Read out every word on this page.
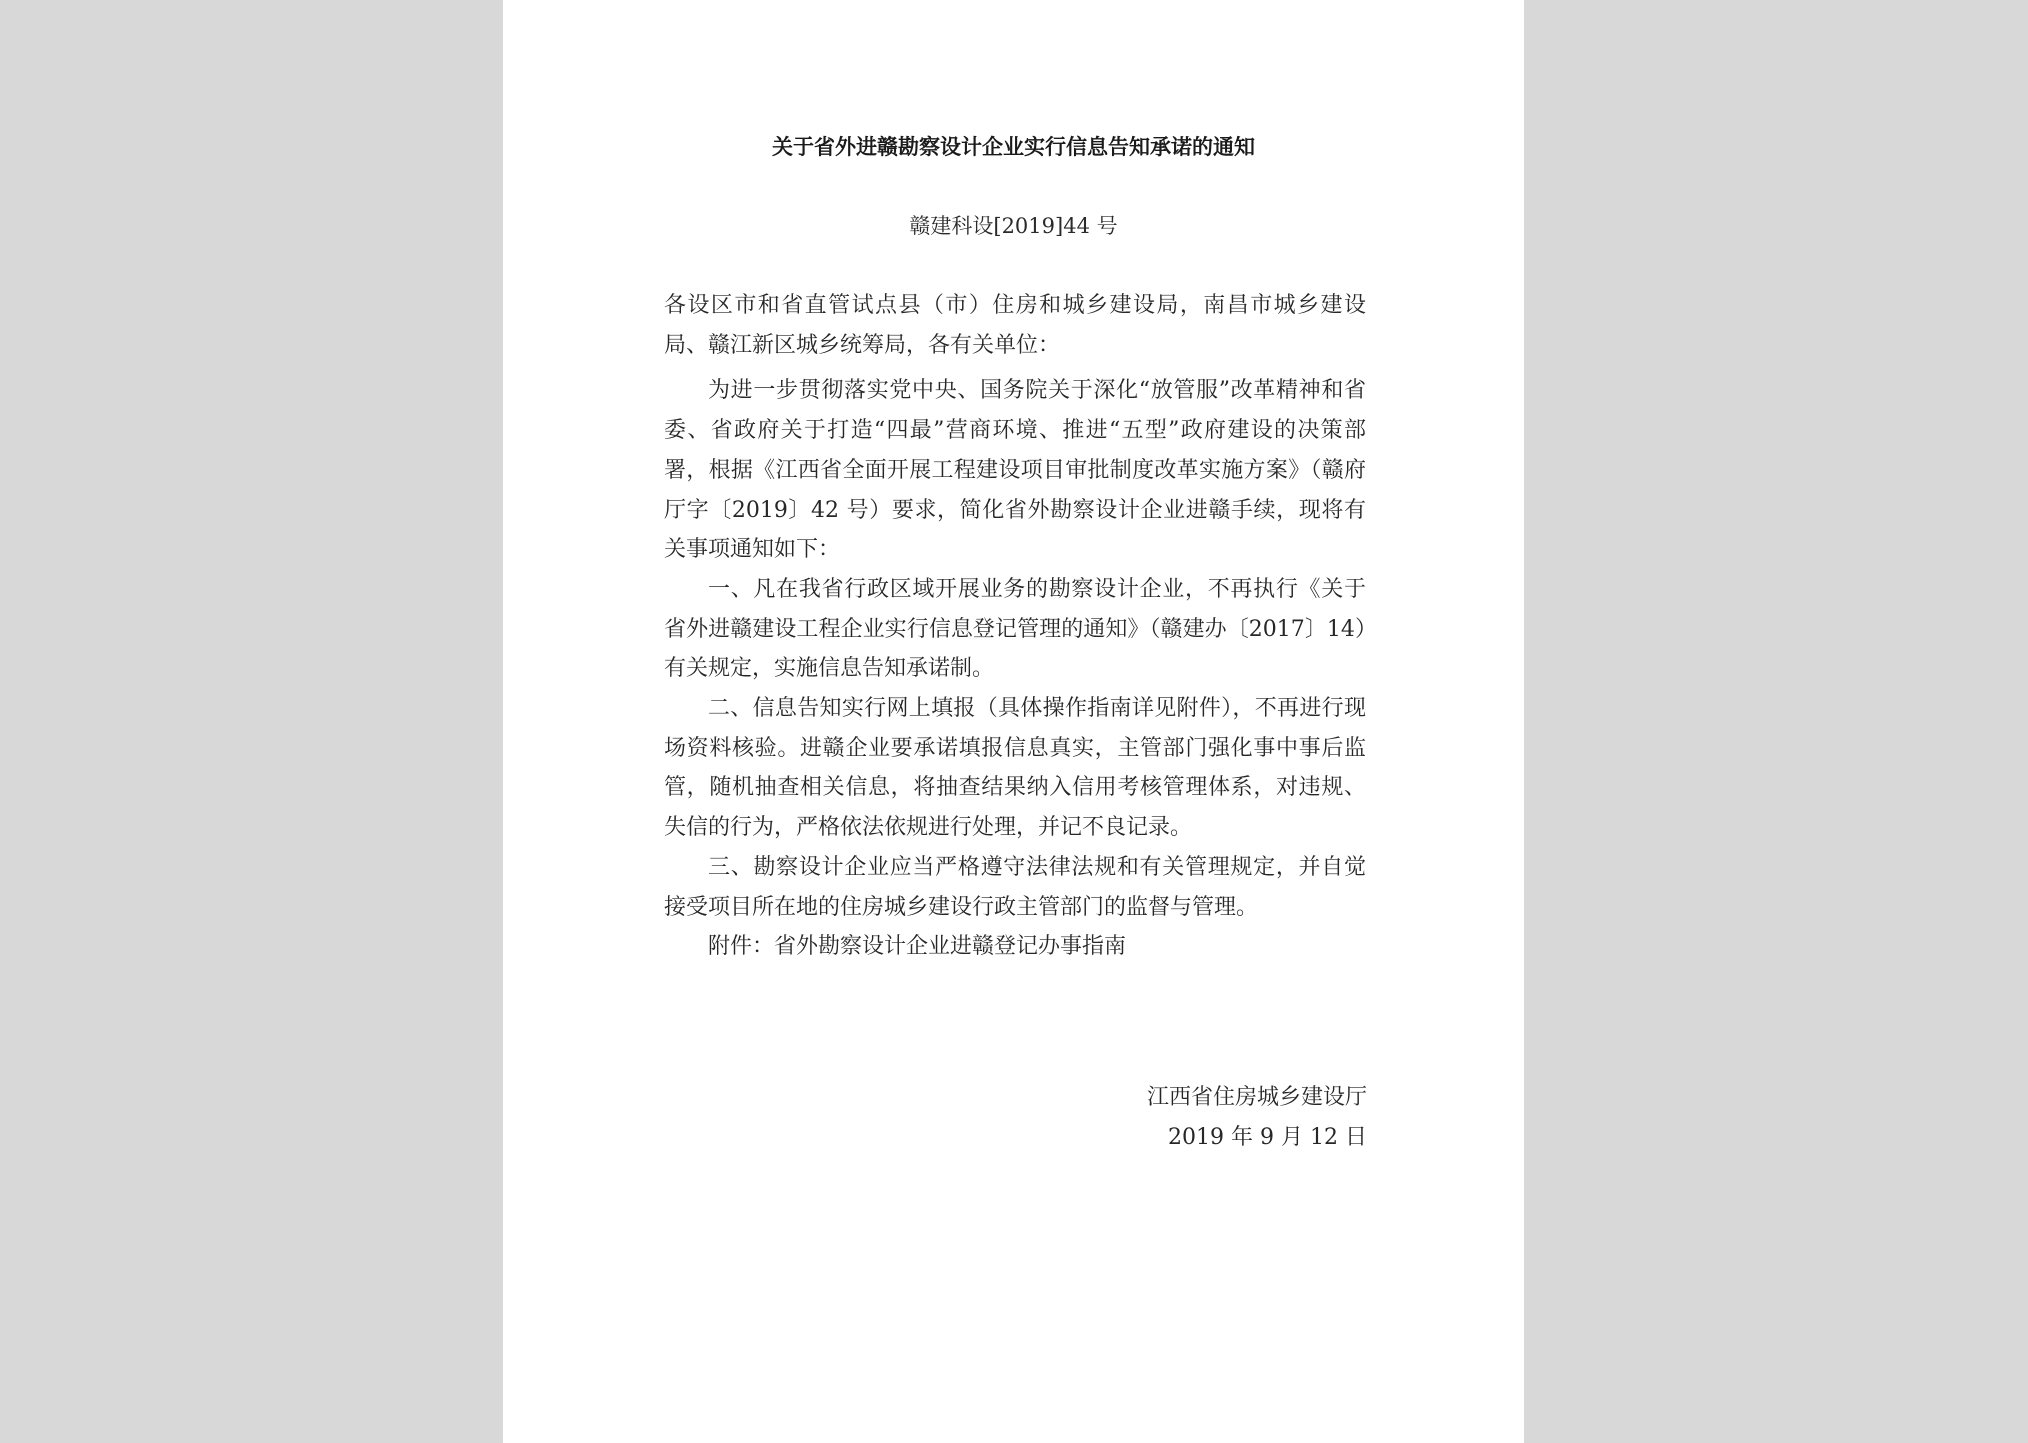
关于省外进赣勘察设计企业实行信息告知承诺的通知
赣建科设[2019]44 号

各设区市和省直管试点县（市）住房和城乡建设局，南昌市城乡建设局、赣江新区城乡统筹局，各有关单位：

为进一步贯彻落实党中央、国务院关于深化“放管服”改革精神和省委、省政府关于打造“四最”营商环境、推进“五型”政府建设的决策部署，根据《江西省全面开展工程建设项目审批制度改革实施方案》（赣府厅字〔2019〕42 号）要求，简化省外勘察设计企业进赣手续，现将有关事项通知如下：

一、凡在我省行政区域开展业务的勘察设计企业，不再执行《关于省外进赣建设工程企业实行信息登记管理的通知》（赣建办〔2017〕14）有关规定，实施信息告知承诺制。

二、信息告知实行网上填报（具体操作指南详见附件），不再进行现场资料核验。进赣企业要承诺填报信息真实，主管部门强化事中事后监管，随机抽查相关信息，将抽查结果纳入信用考核管理体系，对违规、失信的行为，严格依法依规进行处理，并记不良记录。

三、勘察设计企业应当严格遵守法律法规和有关管理规定，并自觉接受项目所在地的住房城乡建设行政主管部门的监督与管理。

附件：省外勘察设计企业进赣登记办事指南

江西省住房城乡建设厅
2019 年 9 月 12 日
